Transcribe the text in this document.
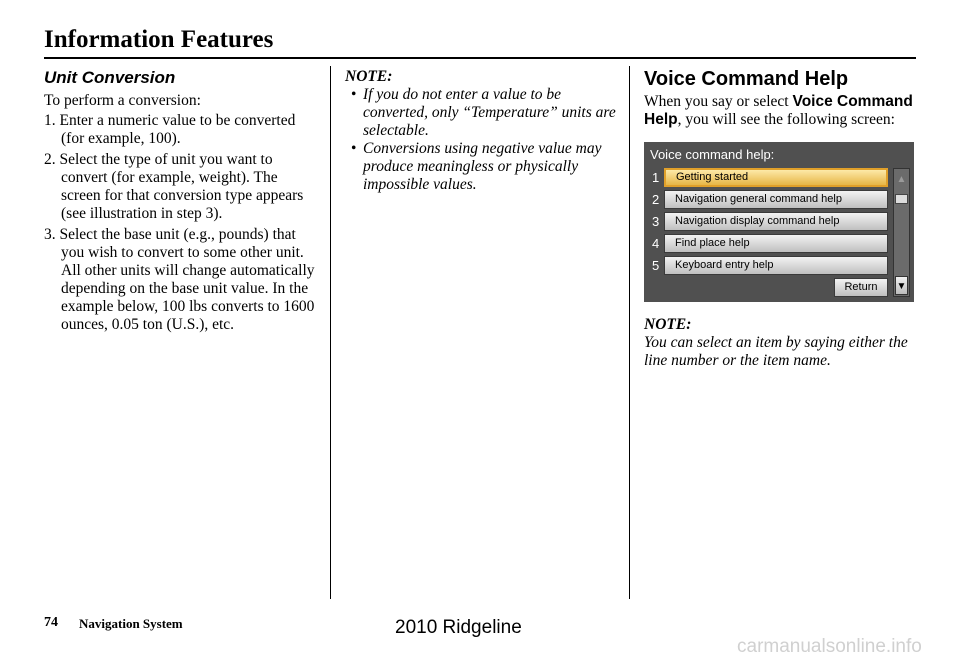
Information Features
Unit Conversion

To perform a conversion:

1. Enter a numeric value to be converted (for example, 100).
2. Select the type of unit you want to convert (for example, weight). The screen for that conversion type appears (see illustration in step 3).
3. Select the base unit (e.g., pounds) that you wish to convert to some other unit. All other units will change automatically depending on the base unit value. In the example below, 100 lbs converts to 1600 ounces, 0.05 ton (U.S.), etc.
NOTE:
• If you do not enter a value to be converted, only “Temperature” units are selectable.
• Conversions using negative value may produce meaningless or physically impossible values.
Voice Command Help

When you say or select Voice Command Help, you will see the following screen:

Voice command help:
1	Getting started
2	Navigation general command help
3	Navigation display command help
4	Find place help
5	Keyboard entry help
Return
▲
▼
NOTE:
You can select an item by saying either the line number or the item name.
74 Navigation System	2010 Ridgeline
carmanualsonline.info
